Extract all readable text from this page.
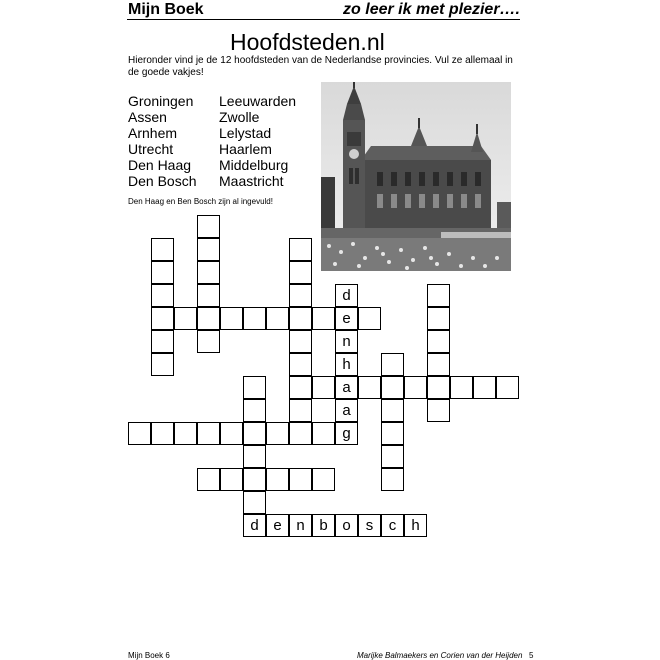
Mijn Boek	zo leer ik met plezier….
Hoofdsteden.nl
Hieronder vind je de 12 hoofdsteden van de Nederlandse provincies. Vul ze allemaal in de goede vakjes!
Groningen
Assen
Arnhem
Utrecht
Den Haag
Den Bosch
Leeuwarden
Zwolle
Lelystad
Haarlem
Middelburg
Maastricht
Den Haag en Ben Bosch zijn al ingevuld!
d
e
a
g
d
n
h
a
e n b o	s	c	h
Mijn Boek 6	Marijke Balmaekers en Corien van der Heijden 5
